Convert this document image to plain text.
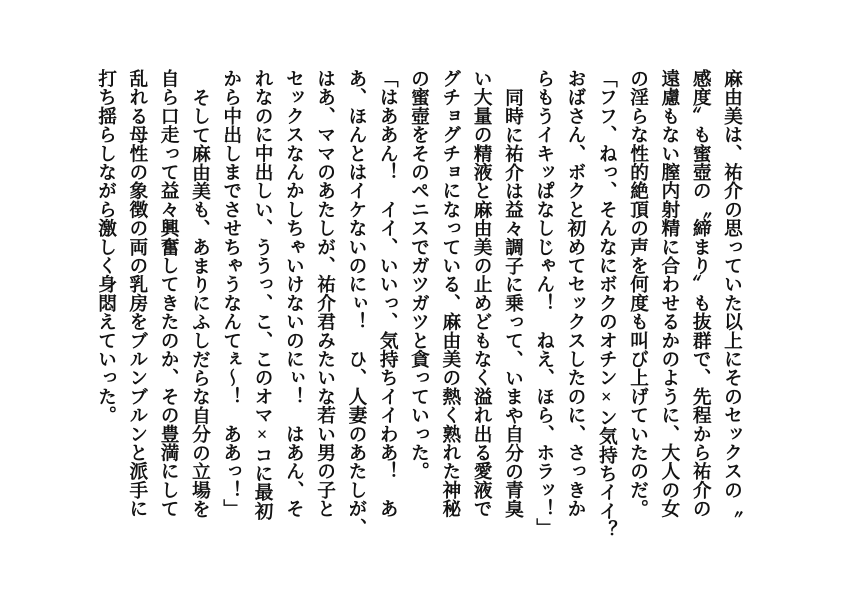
麻由美は、祐介の思っていた以上にそのセックスの〝
感度〟も蜜壺の〝締まり〟も抜群で、先程から祐介の
遠慮もない膣内射精に合わせるかのように、大人の女
の淫らな性的絶頂の声を何度も叫び上げていたのだ。
「フフ、ねっ、そんなにボクのオチン×ン気持ちイイ？
おばさん、ボクと初めてセックスしたのに、さっきか
らもうイキッぱなしじゃん！　ねえ、ほら、ホラッ！」
同時に祐介は益々調子に乗って、いまや自分の青臭
い大量の精液と麻由美の止めどもなく溢れ出る愛液で
グチョグチョになっている、麻由美の熱く熟れた神秘
の蜜壺をそのペニスでガツガツと貪っていった。
「はああん！　イイ、いいっ、気持ちイイわあ！　あ
あ、ほんとはイケないのにぃ！　ひ、人妻のあたしが、
はあ、ママのあたしが、祐介君みたいな若い男の子と
セックスなんかしちゃいけないのにぃ！　はあん、そ
れなのに中出しい、ううっ、こ、このオマ×コに最初
から中出しまでさせちゃうなんてぇ～！　ああっ！」
そして麻由美も、あまりにふしだらな自分の立場を
自ら口走って益々興奮してきたのか、その豊満にして
乱れる母性の象徴の両の乳房をブルンブルンと派手に
打ち揺らしながら激しく身悶えていった。
